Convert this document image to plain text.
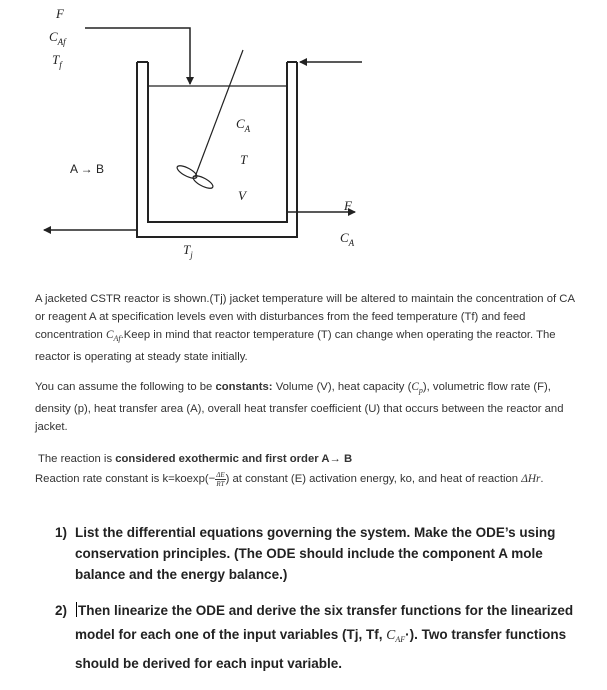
F
$C_{Af}$
$T_f$
A → B
$C_A$
T
V
F
$C_A$
$T_j$

A jacketed CSTR reactor is shown.(Tj) jacket temperature will be altered to maintain the concentration of CA or reagent A at specification levels even with disturbances from the feed temperature (Tf) and feed concentration $C_{Af}.Keep$ in mind that reactor temperature (T) can change when operating the reactor. The reactor is operating at steady state initially.

You can assume the following to be constants: Volume (V), heat capacity $(C_p)$, volumetric flow rate (F), density (p), heat transfer area (A), overall heat transfer coefficient (U) that occurs between the reactor and jacket.

The reaction is considered exothermic and first order A→ B

Reaction rate constant is $k=koexp(- \frac{\Delta E}{RT})$ at constant (E) activation energy, ko, and heat of reaction ΔHr.

1) List the differential equations governing the system. Make the ODE’s using conservation principles. (The ODE should include the component A mole balance and the energy balance.)
2) Then linearize the ODE and derive the six transfer functions for the linearized model for each one of the input variables (Tj, Tf, $C_{AF}\cdot$). Two transfer functions should be derived for each input variable.
